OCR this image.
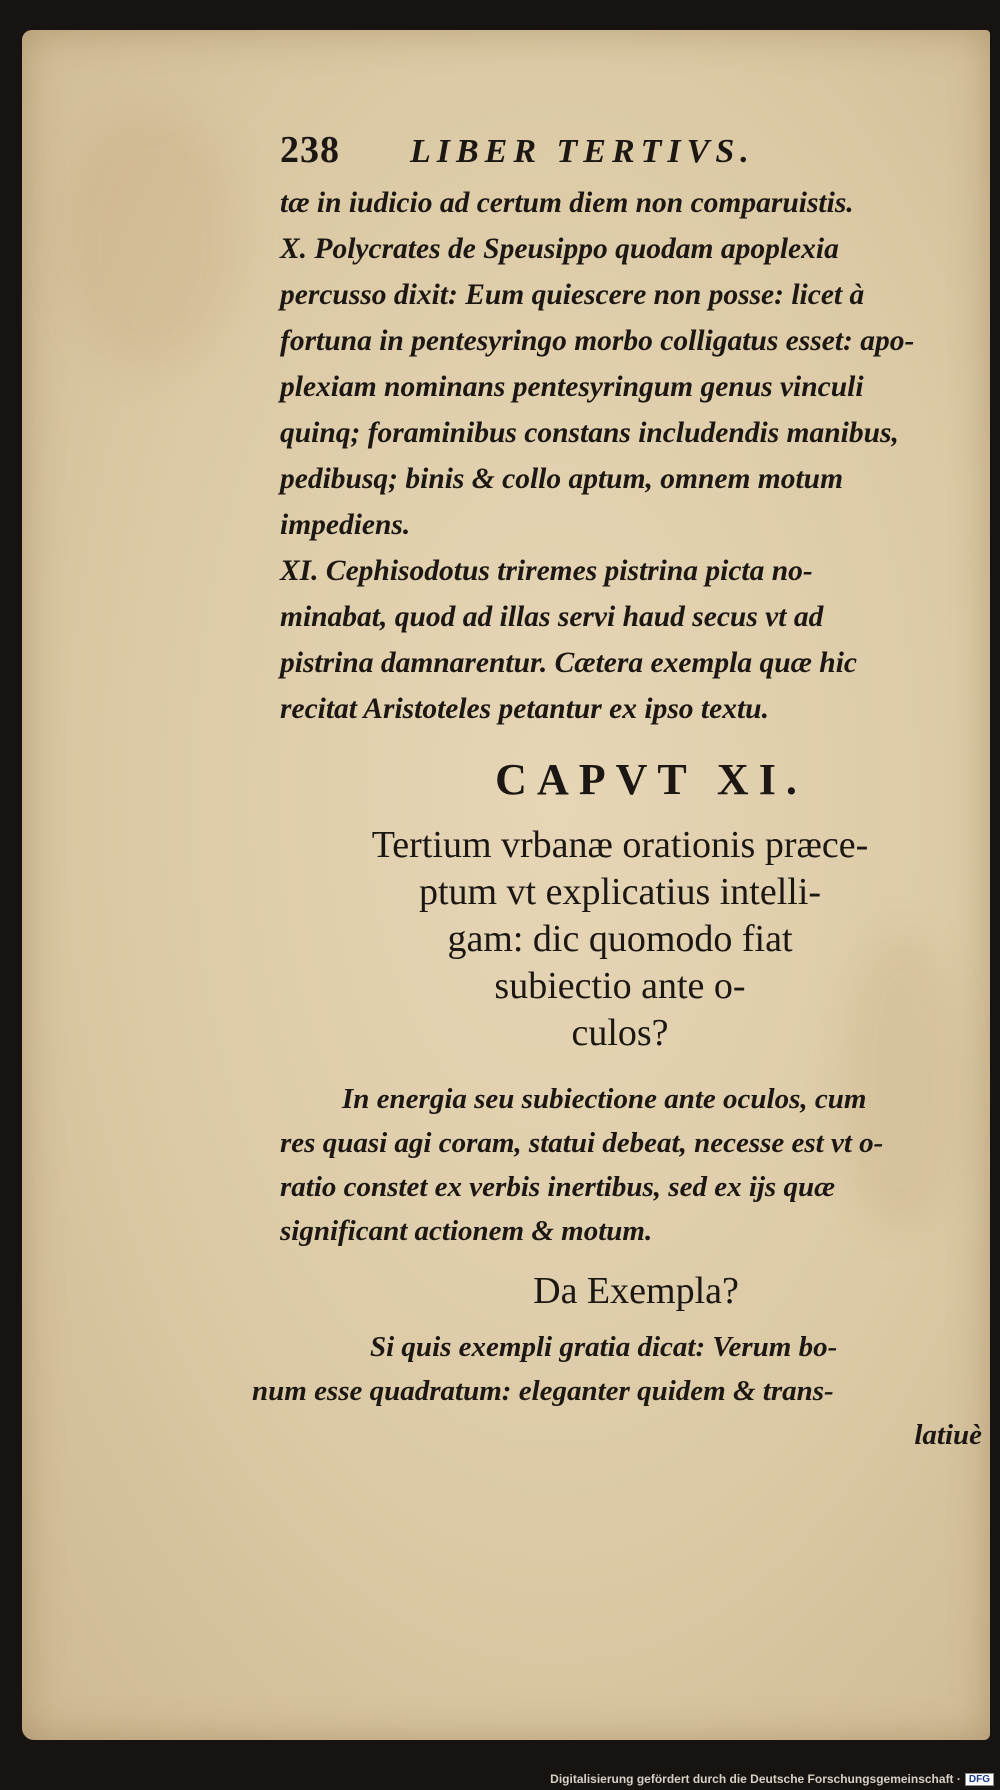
238	LIBER TERTIVS.
tæ in iudicio ad certum diem non comparuistis.
X. Polycrates de Speusippo quodam apoplexia
percusso dixit: Eum quiescere non posse: licet à
fortuna in pentesyringo morbo colligatus esset: apo-
plexiam nominans pentesyringum genus vinculi
quinq; foraminibus constans includendis manibus,
pedibusq; binis & collo aptum, omnem motum
impediens.
XI. Cephisodotus triremes pistrina picta no-
minabat, quod ad illas servi haud secus vt ad
pistrina damnarentur. Cætera exempla quæ hic
recitat Aristoteles petantur ex ipso textu.
CAPVT XI.
Tertium vrbanæ orationis præce-
ptum vt explicatius intelli-
gam: dic quomodo fiat
subiectio ante o-
culos?
In energia seu subiectione ante oculos, cum
res quasi agi coram, statui debeat, necesse est vt o-
ratio constet ex verbis inertibus, sed ex ijs quæ
significant actionem & motum.
Da Exempla?
Si quis exempli gratia dicat: Verum bo-
num esse quadratum: eleganter quidem & trans-
latiuè
Digitalisierung gefördert durch die Deutsche Forschungsgemeinschaft · DFG
